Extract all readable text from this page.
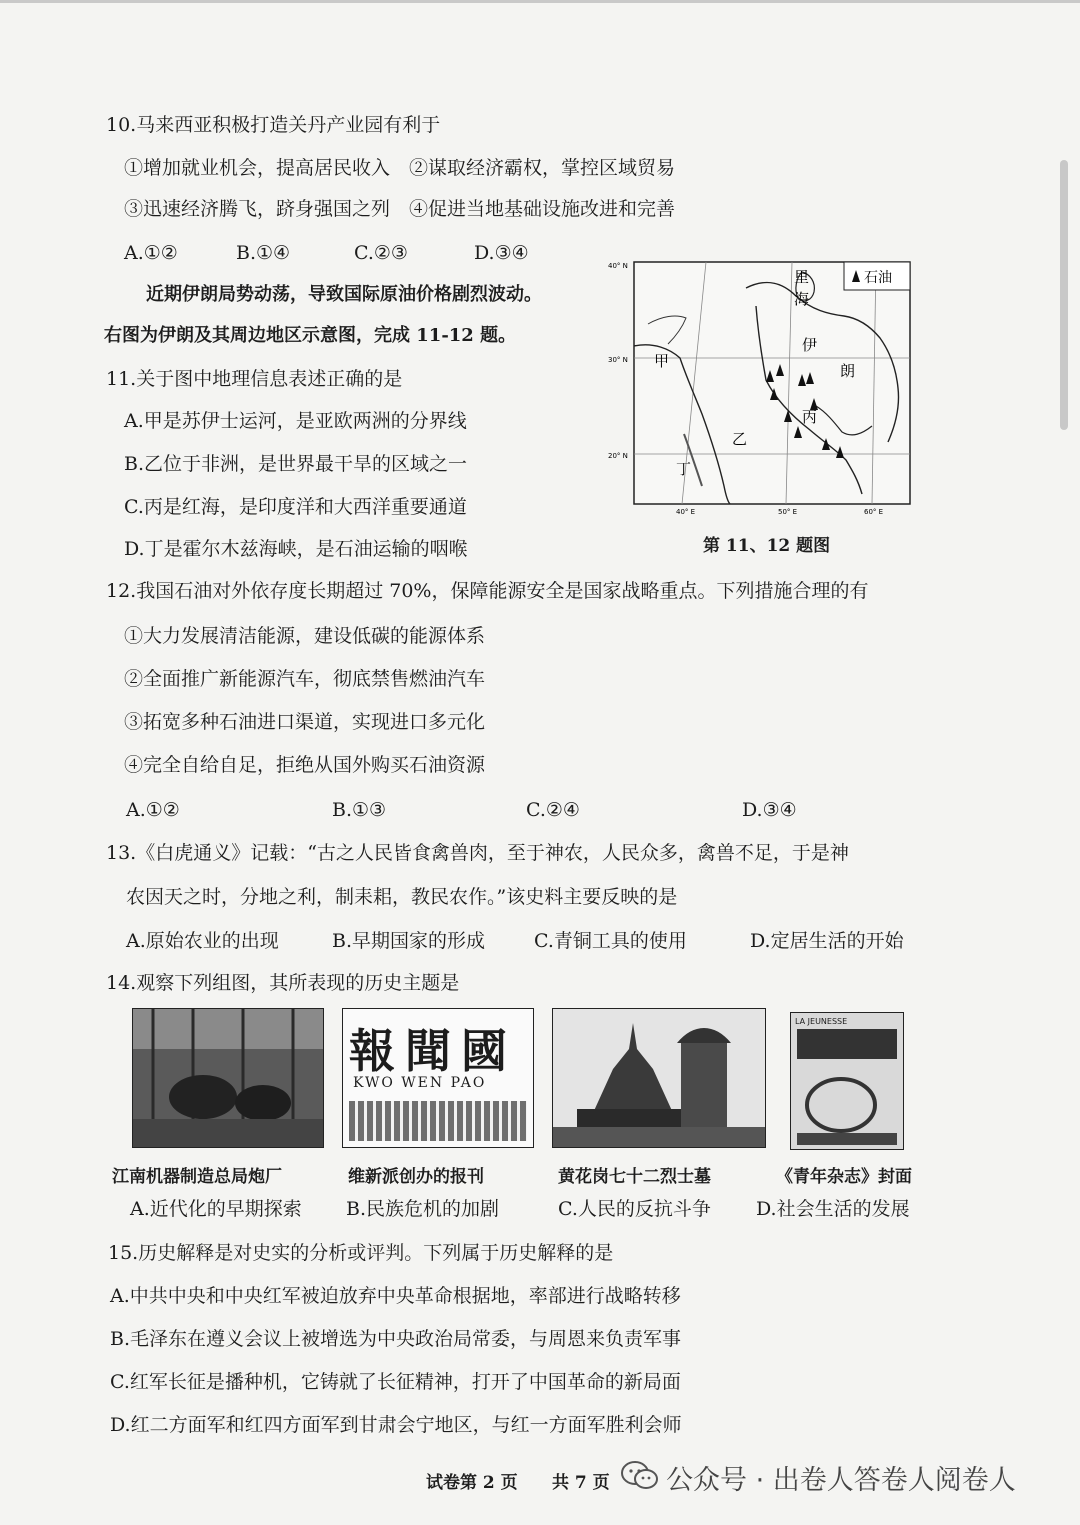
10.马来西亚积极打造关丹产业园有利于
①增加就业机会，提高居民收入　②谋取经济霸权，掌控区域贸易
③迅速经济腾飞，跻身强国之列　④促进当地基础设施改进和完善
A.①②	B.①④	C.②③	D.③④
近期伊朗局势动荡，导致国际原油价格剧烈波动。
右图为伊朗及其周边地区示意图，完成 11-12 题。
石油
里
海
甲
伊
朗
乙
丙
丁
40° N
30° N
20° N
40° E	50° E	60° E
第 11、12 题图
11.关于图中地理信息表述正确的是
A.甲是苏伊士运河，是亚欧两洲的分界线
B.乙位于非洲，是世界最干旱的区域之一
C.丙是红海，是印度洋和大西洋重要通道
D.丁是霍尔木兹海峡，是石油运输的咽喉
12.我国石油对外依存度长期超过 70%，保障能源安全是国家战略重点。下列措施合理的有
①大力发展清洁能源，建设低碳的能源体系
②全面推广新能源汽车，彻底禁售燃油汽车
③拓宽多种石油进口渠道，实现进口多元化
④完全自给自足，拒绝从国外购买石油资源
A.①②	B.①③	C.②④	D.③④
13.《白虎通义》记载：“古之人民皆食禽兽肉，至于神农，人民众多，禽兽不足，于是神
农因天之时，分地之利，制耒耜，教民农作。”该史料主要反映的是
A.原始农业的出现	B.早期国家的形成	C.青铜工具的使用	D.定居生活的开始
14.观察下列组图，其所表现的历史主题是
報聞國
KWO WEN PAO
LA JEUNESSE
江南机器制造总局炮厂	维新派创办的报刊	黄花岗七十二烈士墓	《青年杂志》封面
A.近代化的早期探索 B.民族危机的加剧	C.人民的反抗斗争 D.社会生活的发展
15.历史解释是对史实的分析或评判。下列属于历史解释的是
A.中共中央和中央红军被迫放弃中央革命根据地，率部进行战略转移
B.毛泽东在遵义会议上被增选为中央政治局常委，与周恩来负责军事
C.红军长征是播种机，它铸就了长征精神，打开了中国革命的新局面
D.红二方面军和红四方面军到甘肃会宁地区，与红一方面军胜利会师
试卷第 2 页 共 7 页 公众号 · 出卷人答卷人阅卷人
